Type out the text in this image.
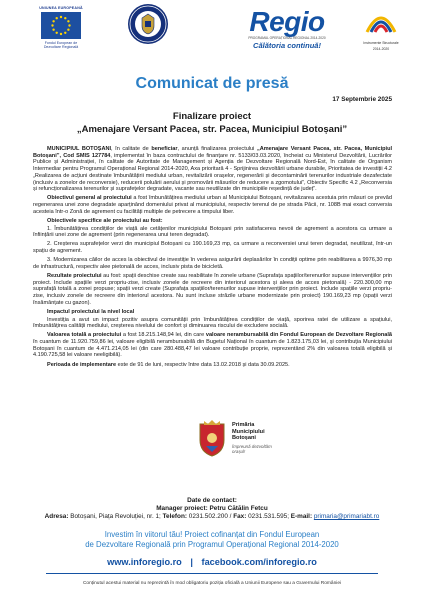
UNIUNEA EUROPEANĂ
Fondul European de
Dezvoltare Regională
Regio
PROGRAMUL OPERAȚIONAL REGIONAL 2014-2020
Călătoria continuă!	Instrumente Structurale
2014-2020
Comunicat de presă
17 Septembrie 2025
Finalizare proiect
„Amenajare Versant Pacea, str. Pacea, Municipiul Botoșani”

MUNICIPIUL BOTOȘANI, în calitate de beneficiar, anunță finalizarea proiectului „Amenajare Versant Pacea, str. Pacea, Municipiul Botoșani”, Cod SMIS 127784, implementat în baza contractului de finanțare nr. 5133/03.03.2020, încheiat cu Ministerul Dezvoltării, Lucrărilor Publice și Administrației, în calitate de Autoritate de Management și Agenția de Dezvoltare Regională Nord-Est, în calitate de Organism Intermediar pentru Programul Operațional Regional 2014-2020, Axa prioritară 4 - Sprijinirea dezvoltării urbane durabile, Prioritatea de investiții 4.2 „Realizarea de acțiuni destinate îmbunătățirii mediului urban, revitalizării orașelor, regenerării și decontaminării terenurilor industriale dezafectate (inclusiv a zonelor de reconversie), reducerii poluării aerului și promovării măsurilor de reducere a zgomotului”, Obiectiv Specific 4.2 „Reconversia și refuncționalizarea terenurilor și suprafețelor degradate, vacante sau neutilizate din municipiile reședință de județ”.

Obiectivul general al proiectului a fost îmbunătățirea mediului urban al Municipiului Botoșani, revitalizarea acestuia prin măsuri ce prevăd regenerarea unei zone degradate aparținând domeniului privat al municipiului, respectiv terenul de pe strada Păcii, nr. 108B mai exact conversia acesteia într-o Zonă de agrement cu facilități multiple de petrecere a timpului liber.

Obiectivele specifice ale proiectului au fost:

1. Îmbunătățirea condițiilor de viață ale cetățenilor municipiului Botoșani prin satisfacerea nevoii de agrement a acestora ca urmare a înființării unei zone de agrement (prin regenerarea unui teren degradat).

2. Creșterea suprafețelor verzi din municipiul Botoșani cu 190.169,23 mp, ca urmare a reconversiei unui teren degradat, neutilizat, într-un spațiu de agrement.

3. Modernizarea căilor de acces la obiectivul de investiție în vederea asigurării deplasărilor în condiții optime prin reabilitarea a 9976,30 mp de infrastructură, respectiv alee pietonală de acces, inclusiv pista de bicicletă.

Rezultate proiectului au fost: spații deschise create sau reabilitate în zonele urbane (Suprafața spațiilor/terenurilor supuse intervențiilor prin proiect. Include spațiile verzi propriu-zise, inclusiv zonele de recreere din interiorul acestora și aleea de acces pietonală) - 220.300,00 mp suprafață totală a zonei propuse; spații verzi create (Suprafața spațiilor/terenurilor supuse intervențiilor prin proiect. Include spațiile verzi propriu-zise, inclusiv zonele de recreere din interiorul acestora. Nu sunt incluse străzile urbane modernizate prin proiect) 190.169,23 mp (spații verzi însămânțate cu gazon).

Impactul proiectului la nivel local

Investiția a avut un impact pozitiv asupra comunității prin îmbunătățirea condițiilor de viață, sporirea ratei de utilizare a spațiului, îmbunătățirea calității mediului, creșterea nivelului de confort și diminuarea riscului de excludere socială.

Valoarea totală a proiectului a fost 18.215.148,94 lei, din care valoare nerambursabilă din Fondul European de Dezvoltare Regională în cuantum de 11.920.759,86 lei, valoare eligibilă nerambursabilă din Bugetul Național în cuantum de 1.823.175,03 lei, și contribuția Municipiului Botoșani în cuantum de 4.471.214,05 lei (din care 280.488,47 lei valoare contribuție proprie, reprezentând 2% din valoarea totală eligibilă și 4.190.725,58 lei valoare neeligibilă).

Perioada de implementare este de 91 de luni, respectiv între data 13.02.2018 și data 30.09.2025.

Primăria
Municipiului
Botoșani
Împreună dezvoltăm
orașul!
Date de contact:
Manager proiect: Petru Cătălin Fetcu
Adresa: Botoșani, Piața Revoluției, nr. 1; Telefon: 0231.502.200 / Fax: 0231.531.595; E-mail: primaria@primariabt.ro
Investim în viitorul tău! Proiect cofinanțat din Fondul European
de Dezvoltare Regională prin Programul Operațional Regional 2014-2020
www.inforegio.ro | facebook.com/inforegio.ro
Conținutul acestui material nu reprezintă în mod obligatoriu poziția oficială a Uniunii Europene sau a Guvernului României
